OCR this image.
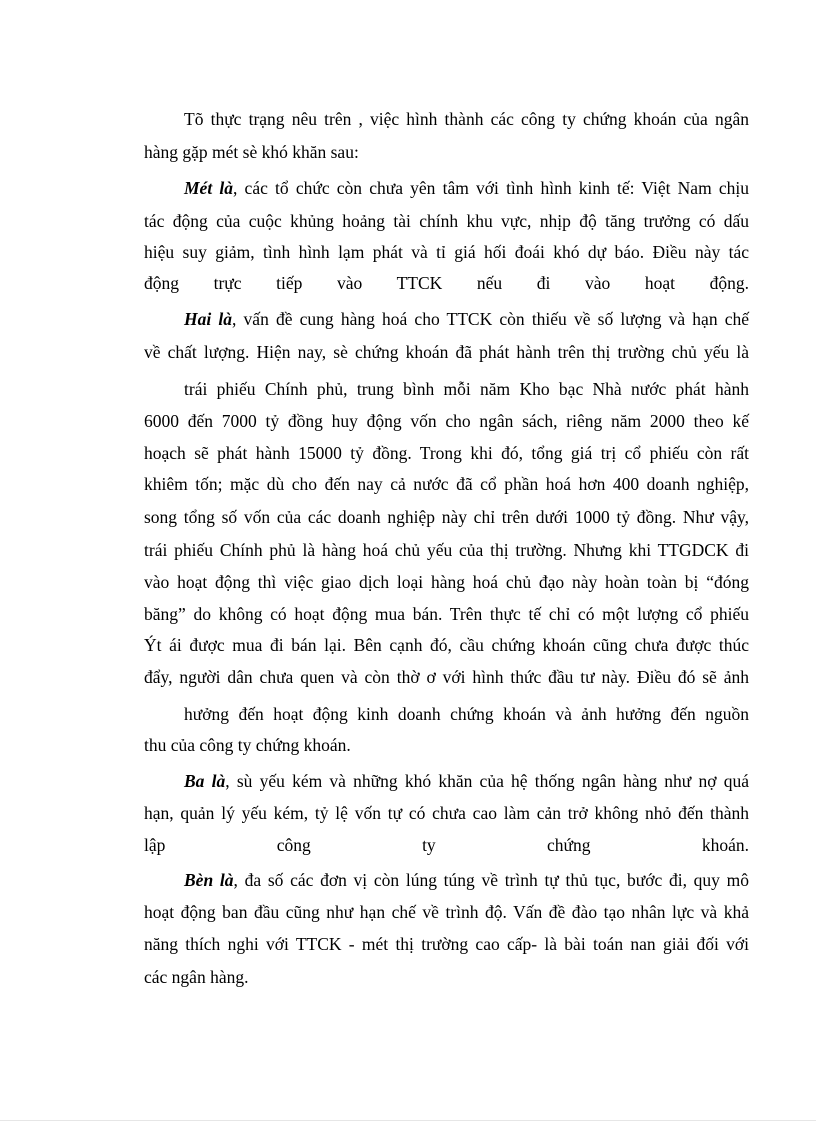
Tõ thực trạng nêu trên , việc hình thành các công ty chứng khoán của ngân
hàng gặp mét sè khó khăn sau:
Mét là, các tổ chức còn chưa yên tâm với tình hình kinh tế: Việt Nam chịu
tác động của cuộc khủng hoảng tài chính khu vực, nhịp độ tăng trưởng có dấu
hiệu suy giảm, tình hình lạm phát và tỉ giá hối đoái khó dự báo. Điều này tác
động trực tiếp vào TTCK nếu đi vào hoạt động.
Hai là, vấn đề cung hàng hoá cho TTCK còn thiếu về số lượng và hạn chế
về chất lượng. Hiện nay, sè chứng khoán đã phát hành trên thị trường chủ yếu là
trái phiếu Chính phủ, trung bình mỗi năm Kho bạc Nhà nước phát hành
6000 đến 7000 tỷ đồng huy động vốn cho ngân sách, riêng năm 2000 theo kế
hoạch sẽ phát hành 15000 tỷ đồng. Trong khi đó, tổng giá trị cổ phiếu còn rất
khiêm tốn; mặc dù cho đến nay cả nước đã cổ phần hoá hơn 400 doanh nghiệp,
song tổng số vốn của các doanh nghiệp này chỉ trên dưới 1000 tỷ đồng. Như vậy,
trái phiếu Chính phủ là hàng hoá chủ yếu của thị trường. Nhưng khi TTGDCK đi
vào hoạt động thì việc giao dịch loại hàng hoá chủ đạo này hoàn toàn bị “đóng
băng” do không có hoạt động mua bán. Trên thực tế chỉ có một lượng cổ phiếu
Ýt ái được mua đi bán lại. Bên cạnh đó, cầu chứng khoán cũng chưa được thúc
đẩy, người dân chưa quen và còn thờ ơ với hình thức đầu tư này. Điều đó sẽ ảnh
hưởng đến hoạt động kinh doanh chứng khoán và ảnh hưởng đến nguồn
thu của công ty chứng khoán.
Ba là, sù yếu kém và những khó khăn của hệ thống ngân hàng như nợ quá
hạn, quản lý yếu kém, tỷ lệ vốn tự có chưa cao làm cản trở không nhỏ đến thành
lập công ty chứng khoán.
Bèn là, đa số các đơn vị còn lúng túng về trình tự thủ tục, bước đi, quy mô
hoạt động ban đầu cũng như hạn chế về trình độ. Vấn đề đào tạo nhân lực và khả
năng thích nghi với TTCK - mét thị trường cao cấp- là bài toán nan giải đối với
các ngân hàng.
